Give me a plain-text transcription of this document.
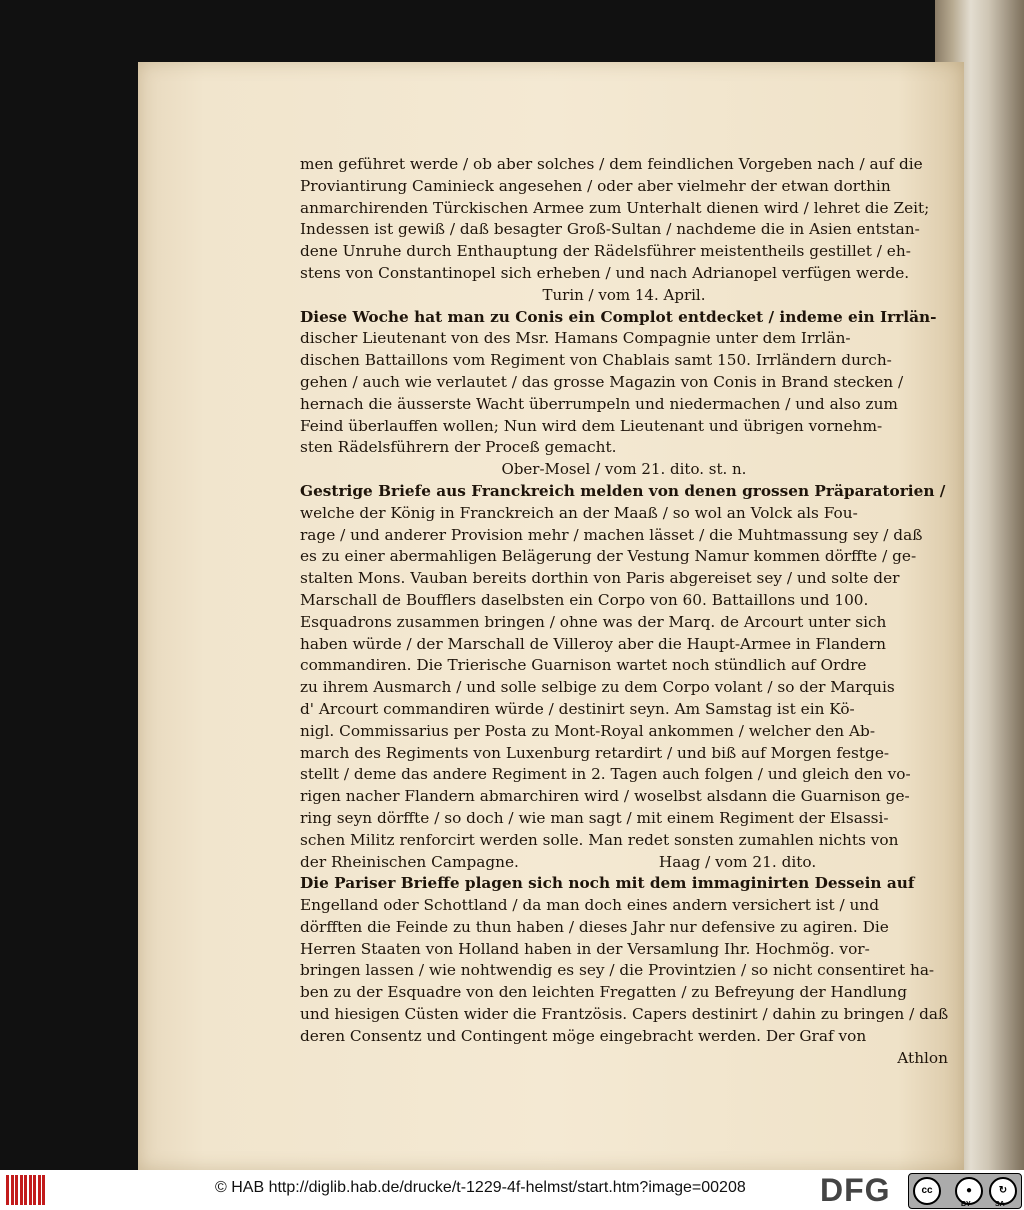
men geführet werde / ob aber solches / dem feindlichen Vorgeben nach / auf die
Proviantirung Caminieck angesehen / oder aber vielmehr der etwan dorthin
anmarchirenden Türckischen Armee zum Unterhalt dienen wird / lehret die Zeit;
Indessen ist gewiß / daß besagter Groß-Sultan / nachdeme die in Asien entstan-
dene Unruhe durch Enthauptung der Rädelsführer meistentheils gestillet / eh-
stens von Constantinopel sich erheben / und nach Adrianopel verfügen werde.
Turin / vom 14. April.
Diese Woche hat man zu Conis ein Complot entdecket / indeme ein Irrlän-
discher Lieutenant von des Msr. Hamans Compagnie unter dem Irrlän-
dischen Battaillons vom Regiment von Chablais samt 150. Irrländern durch-
gehen / auch wie verlautet / das grosse Magazin von Conis in Brand stecken /
hernach die äusserste Wacht überrumpeln und niedermachen / und also zum
Feind überlauffen wollen; Nun wird dem Lieutenant und übrigen vornehm-
sten Rädelsführern der Proceß gemacht.
Ober-Mosel / vom 21. dito. st. n.
Gestrige Briefe aus Franckreich melden von denen grossen Präparatorien /
welche der König in Franckreich an der Maaß / so wol an Volck als Fou-
rage / und anderer Provision mehr / machen lässet / die Muhtmassung sey / daß
es zu einer abermahligen Belägerung der Vestung Namur kommen dörffte / ge-
stalten Mons. Vauban bereits dorthin von Paris abgereiset sey / und solte der
Marschall de Boufflers daselbsten ein Corpo von 60. Battaillons und 100.
Esquadrons zusammen bringen / ohne was der Marq. de Arcourt unter sich
haben würde / der Marschall de Villeroy aber die Haupt-Armee in Flandern
commandiren. Die Trierische Guarnison wartet noch stündlich auf Ordre
zu ihrem Ausmarch / und solle selbige zu dem Corpo volant / so der Marquis
d' Arcourt commandiren würde / destinirt seyn. Am Samstag ist ein Kö-
nigl. Commissarius per Posta zu Mont-Royal ankommen / welcher den Ab-
march des Regiments von Luxenburg retardirt / und biß auf Morgen festge-
stellt / deme das andere Regiment in 2. Tagen auch folgen / und gleich den vo-
rigen nacher Flandern abmarchiren wird / woselbst alsdann die Guarnison ge-
ring seyn dörffte / so doch / wie man sagt / mit einem Regiment der Elsassi-
schen Militz renforcirt werden solle. Man redet sonsten zumahlen nichts von
der Rheinischen Campagne.	Haag / vom 21. dito.
Die Pariser Brieffe plagen sich noch mit dem immaginirten Dessein auf
Engelland oder Schottland / da man doch eines andern versichert ist / und
dörfften die Feinde zu thun haben / dieses Jahr nur defensive zu agiren. Die
Herren Staaten von Holland haben in der Versamlung Ihr. Hochmög. vor-
bringen lassen / wie nohtwendig es sey / die Provintzien / so nicht consentiret ha-
ben zu der Esquadre von den leichten Fregatten / zu Befreyung der Handlung
und hiesigen Cüsten wider die Frantzösis. Capers destinirt / dahin zu bringen / daß
deren Consentz und Contingent möge eingebracht werden. Der Graf von
Athlon
© HAB http://diglib.hab.de/drucke/t-1229-4f-helmst/start.htm?image=00208 DFG	cc	●	↻
BY	SA
